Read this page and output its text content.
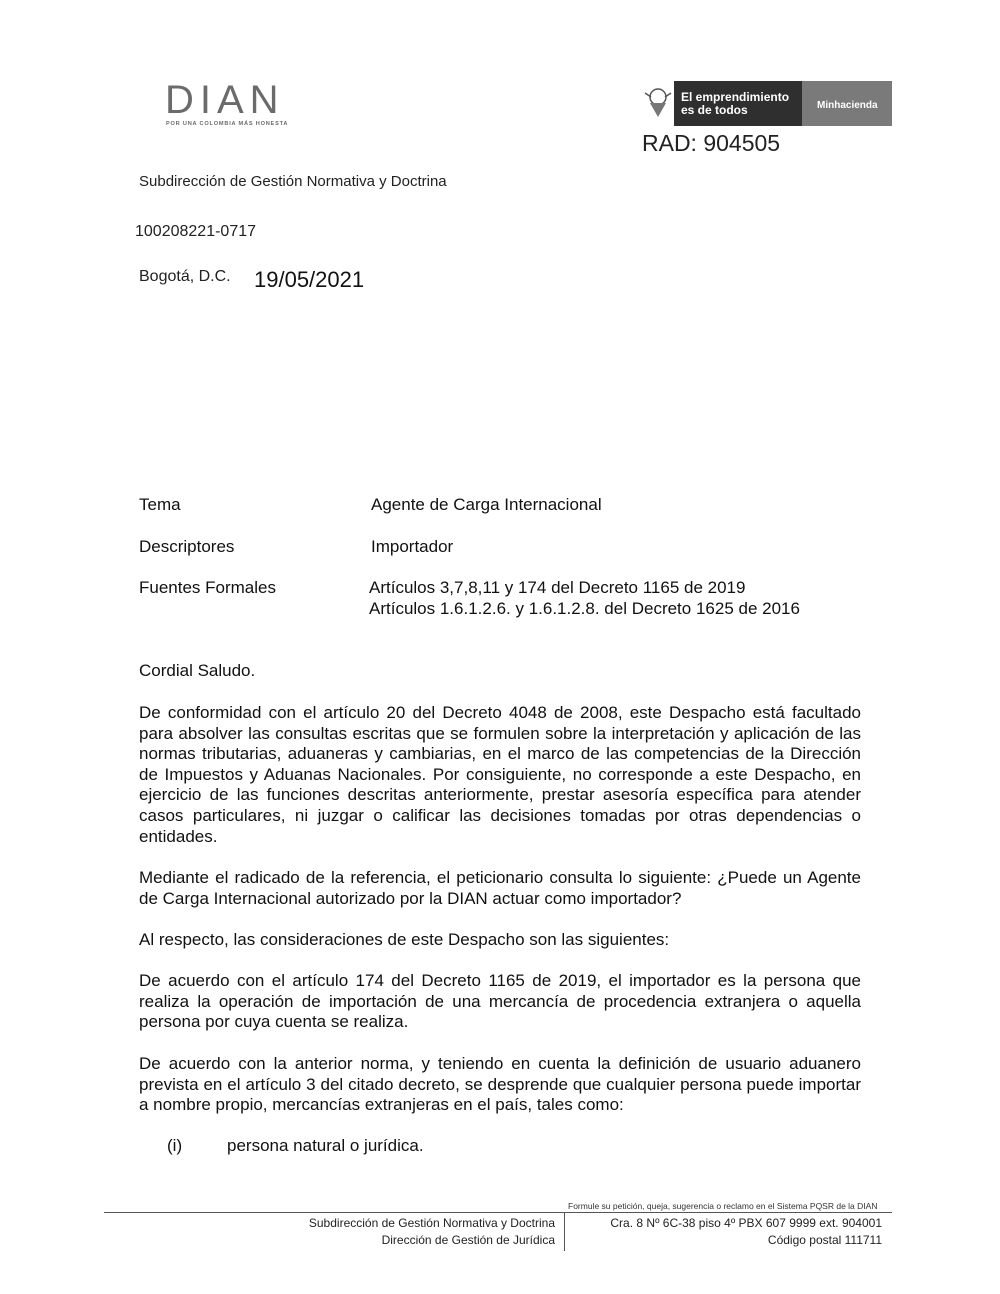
DIAN
POR UNA COLOMBIA MÁS HONESTA
El emprendimiento
es de todos	Minhacienda
RAD: 904505
Subdirección de Gestión Normativa y Doctrina
100208221-0717
Bogotá, D.C. 19/05/2021
Tema	Agente de Carga Internacional
Descriptores	Importador
Fuentes Formales	Artículos 3,7,8,11 y 174 del Decreto 1165 de 2019
Artículos 1.6.1.2.6. y 1.6.1.2.8. del Decreto 1625 de 2016
Cordial Saludo.

De conformidad con el artículo 20 del Decreto 4048 de 2008, este Despacho está facultado para absolver las consultas escritas que se formulen sobre la interpretación y aplicación de las normas tributarias, aduaneras y cambiarias, en el marco de las competencias de la Dirección de Impuestos y Aduanas Nacionales. Por consiguiente, no corresponde a este Despacho, en ejercicio de las funciones descritas anteriormente, prestar asesoría específica para atender casos particulares, ni juzgar o calificar las decisiones tomadas por otras dependencias o entidades.

Mediante el radicado de la referencia, el peticionario consulta lo siguiente: ¿Puede un Agente de Carga Internacional autorizado por la DIAN actuar como importador?

Al respecto, las consideraciones de este Despacho son las siguientes:

De acuerdo con el artículo 174 del Decreto 1165 de 2019, el importador es la persona que realiza la operación de importación de una mercancía de procedencia extranjera o aquella persona por cuya cuenta se realiza.

De acuerdo con la anterior norma, y teniendo en cuenta la definición de usuario aduanero prevista en el artículo 3 del citado decreto, se desprende que cualquier persona puede importar a nombre propio, mercancías extranjeras en el país, tales como:

(i)	persona natural o jurídica.
Formule su petición, queja, sugerencia o reclamo en el Sistema PQSR de la DIAN
Subdirección de Gestión Normativa y Doctrina
Dirección de Gestión de Jurídica
Cra. 8 Nº 6C-38 piso 4º PBX 607 9999 ext. 904001
Código postal 111711
